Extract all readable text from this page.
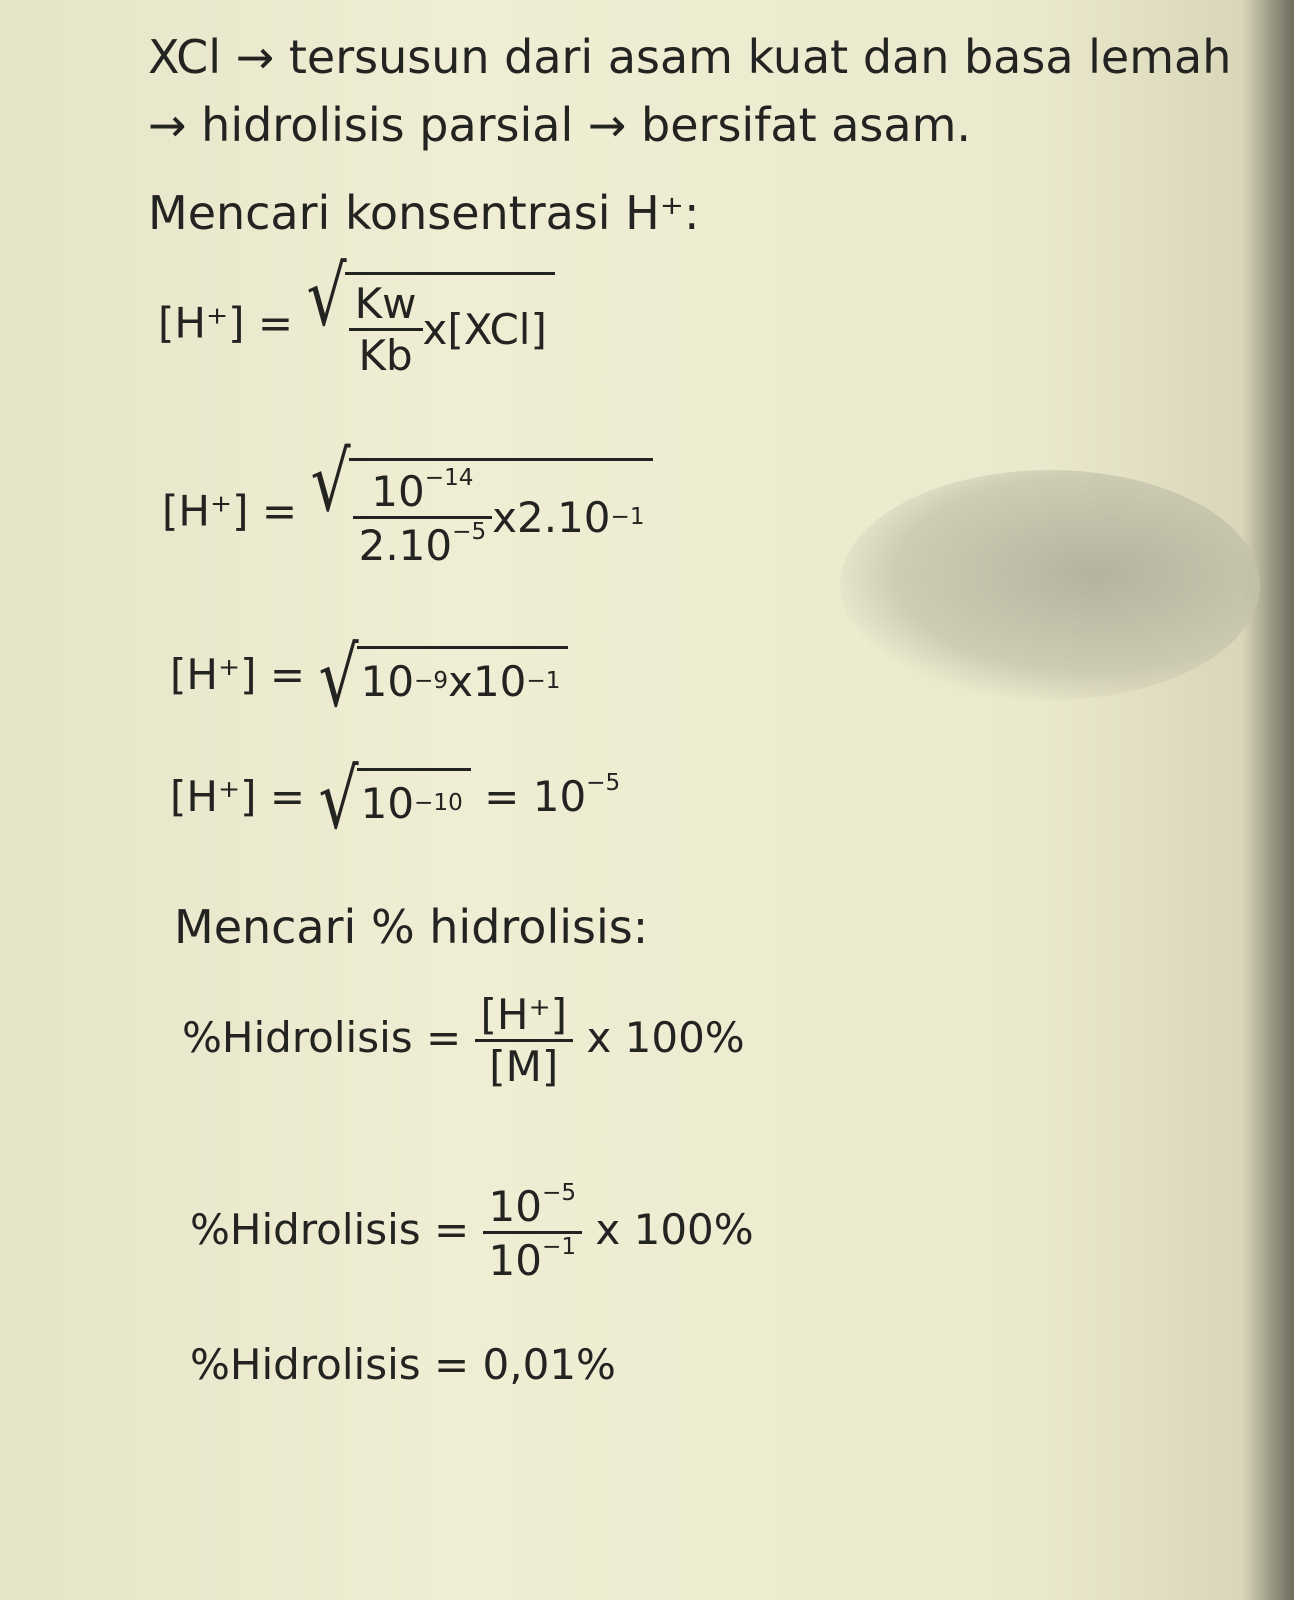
XCl → tersusun dari asam kuat dan basa lemah
→ hidrolisis parsial → bersifat asam.
Mencari konsentrasi H⁺:
[H⁺] = √ $\frac{Kw}{Kb} x[XCl]$
[H⁺] = √ $\frac{10^{-14}}{2.10^{-5}} x2.10 -1$
[H⁺] = √ 10 −9 x10 −1
[H⁺] = √ $10 -10 = 10^{-5}$
Mencari % hidrolisis:
%Hidrolisis = $\frac{[H^+]}{[M]}$ x 100%
%Hidrolisis = $\frac{10^{-5}}{10^{-1}}$ x 100%
%Hidrolisis = 0,01%
